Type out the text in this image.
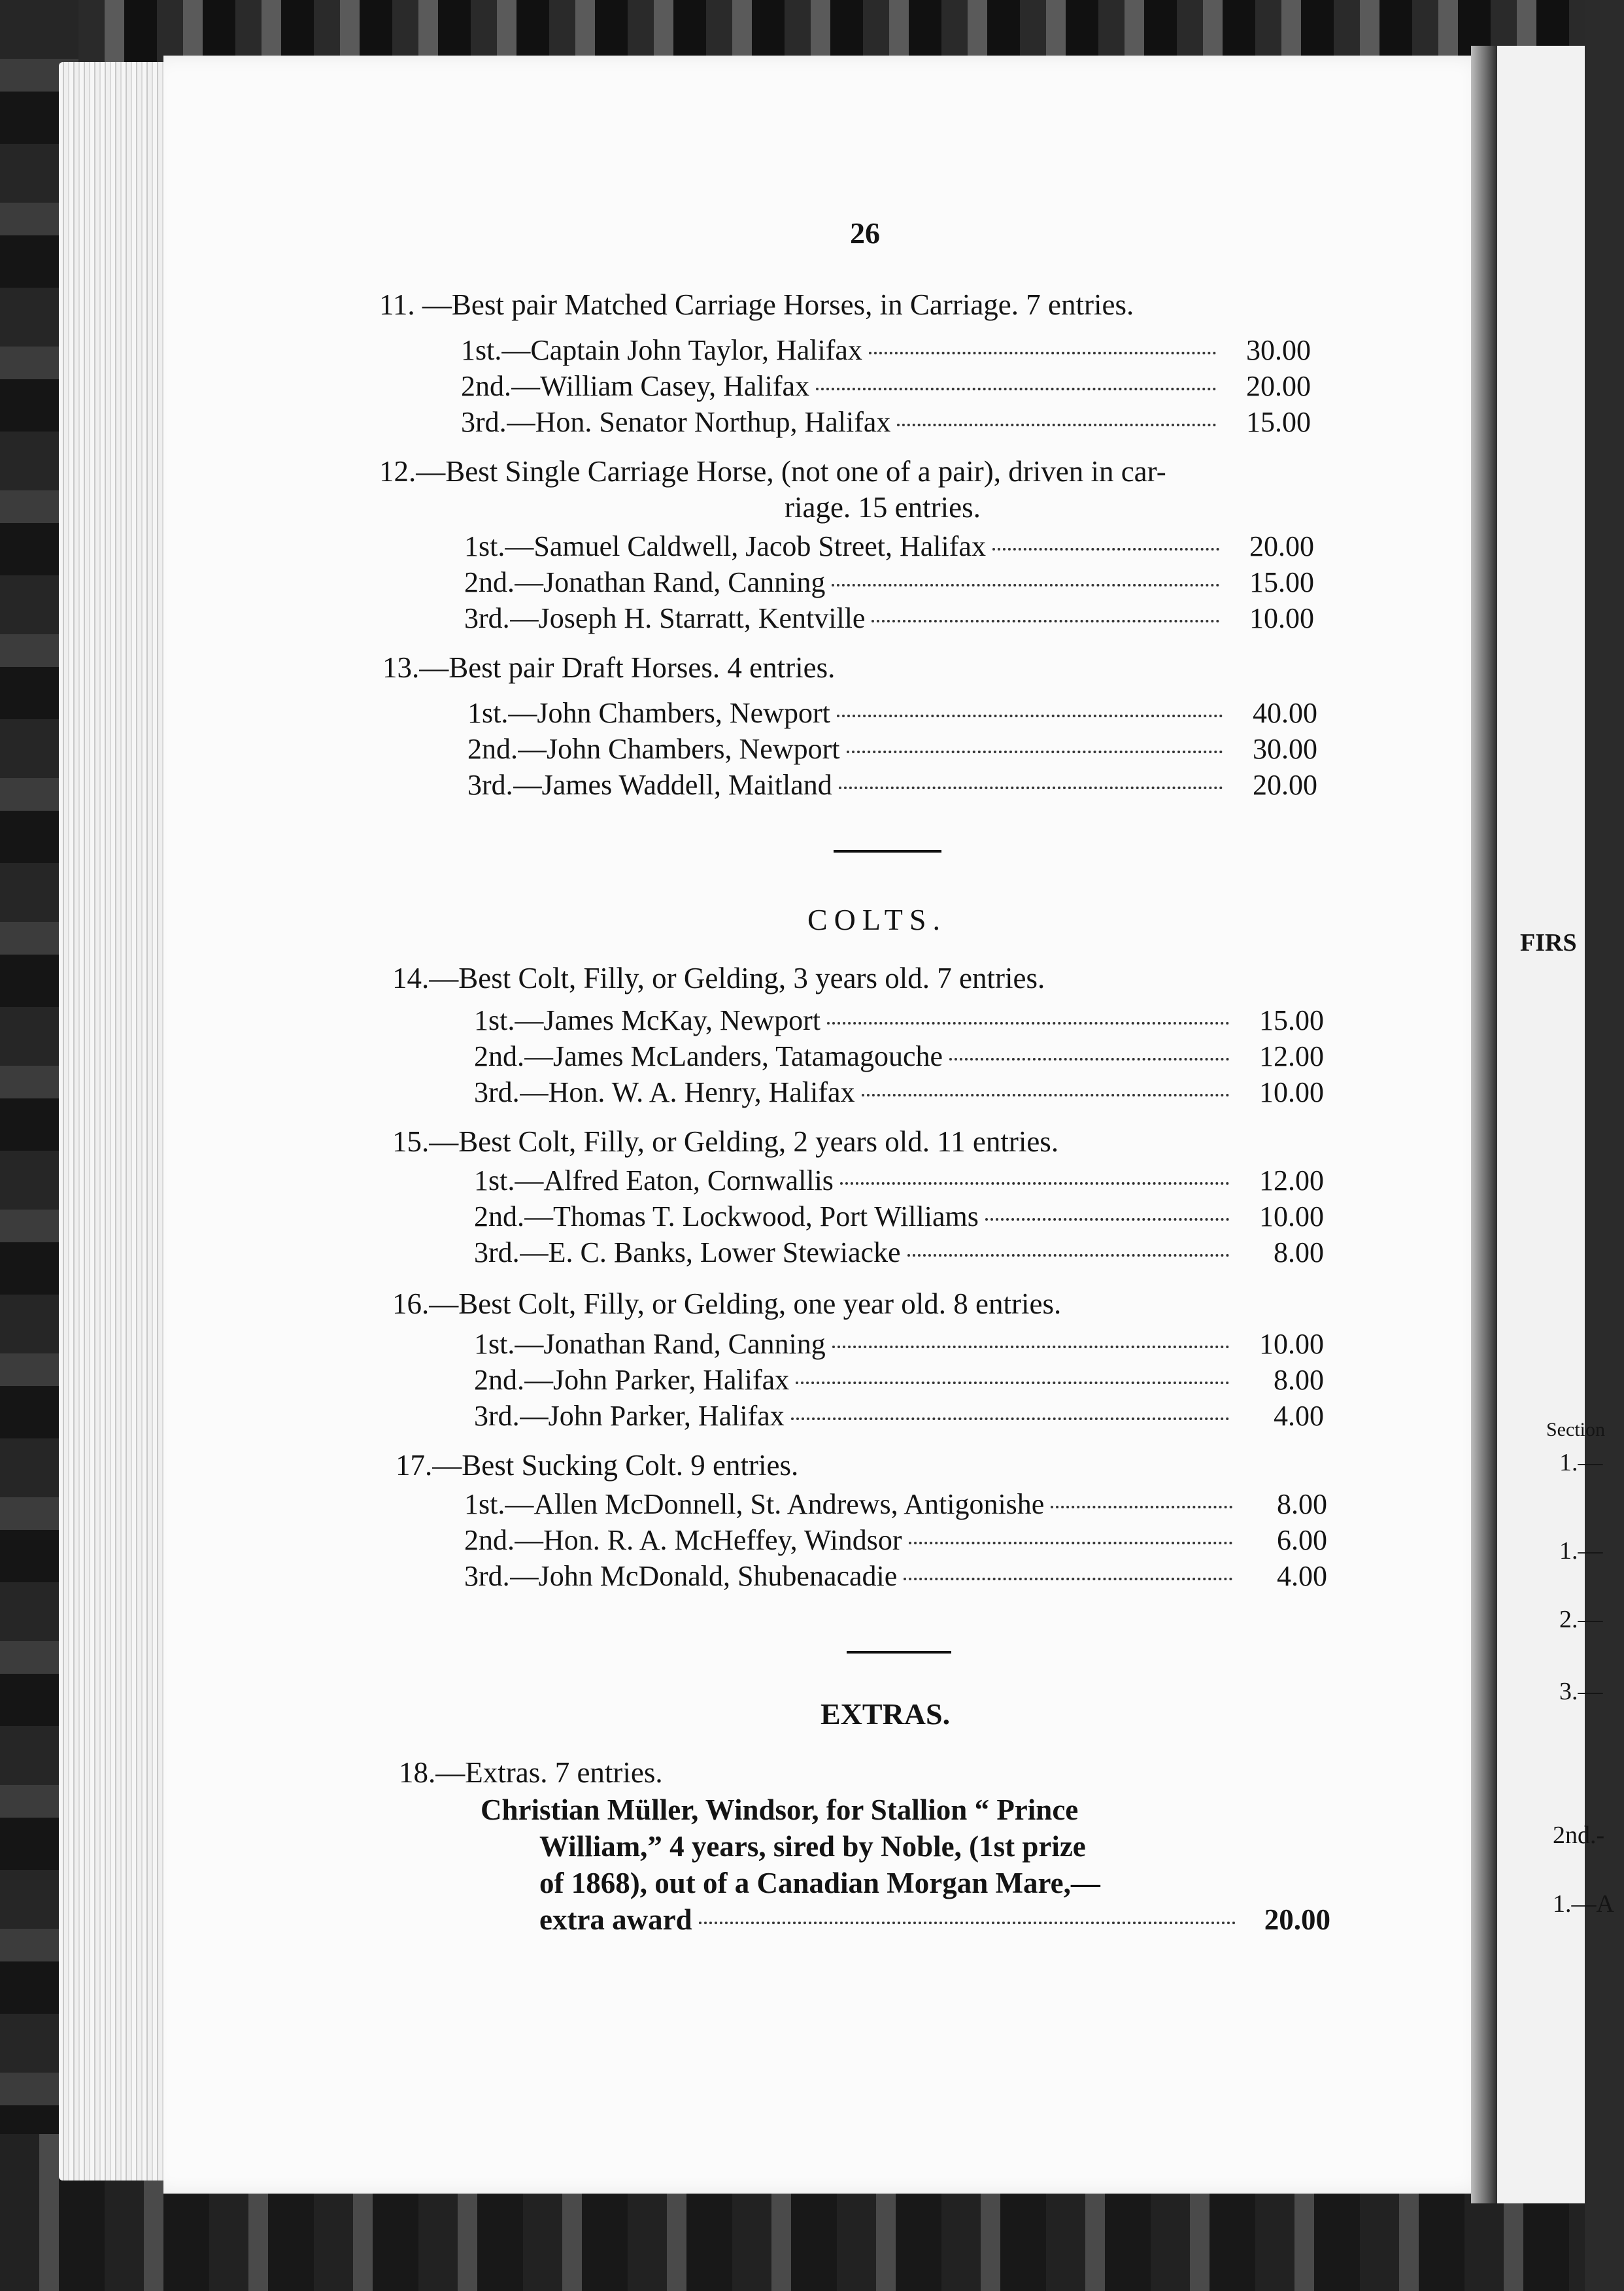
FIRS
Section
1.—
1.—
2.—
3.—
2nd.-
1.—A
26
11. —Best pair Matched Carriage Horses, in Carriage. 7 entries.
1st. —Captain John Taylor, Halifax	30.00
2nd. —William Casey, Halifax	20.00
3rd. —Hon. Senator Northup, Halifax	15.00
12.—Best Single Carriage Horse, (not one of a pair), driven in car-
riage. 15 entries.
1st. —Samuel Caldwell, Jacob Street, Halifax	20.00
2nd. —Jonathan Rand, Canning	15.00
3rd. —Joseph H. Starratt, Kentville	10.00
13.—Best pair Draft Horses. 4 entries.
1st. —John Chambers, Newport	40.00
2nd. —John Chambers, Newport	30.00
3rd. —James Waddell, Maitland	20.00
COLTS.
14.—Best Colt, Filly, or Gelding, 3 years old. 7 entries.
1st. —James McKay, Newport	15.00
2nd. —James McLanders, Tatamagouche	12.00
3rd. —Hon. W. A. Henry, Halifax	10.00
15.—Best Colt, Filly, or Gelding, 2 years old. 11 entries.
1st. —Alfred Eaton, Cornwallis	12.00
2nd. —Thomas T. Lockwood, Port Williams	10.00
3rd. —E. C. Banks, Lower Stewiacke	8.00
16.—Best Colt, Filly, or Gelding, one year old. 8 entries.
1st. —Jonathan Rand, Canning	10.00
2nd. —John Parker, Halifax	8.00
3rd. —John Parker, Halifax	4.00
17.—Best Sucking Colt. 9 entries.
1st. —Allen McDonnell, St. Andrews, Antigonishe	8.00
2nd. —Hon. R. A. McHeffey, Windsor	6.00
3rd. —John McDonald, Shubenacadie	4.00
EXTRAS.
18.—Extras. 7 entries.
Christian Müller, Windsor, for Stallion “ Prince
William,” 4 years, sired by Noble, (1st prize
of 1868), out of a Canadian Morgan Mare,—
extra award	20.00
